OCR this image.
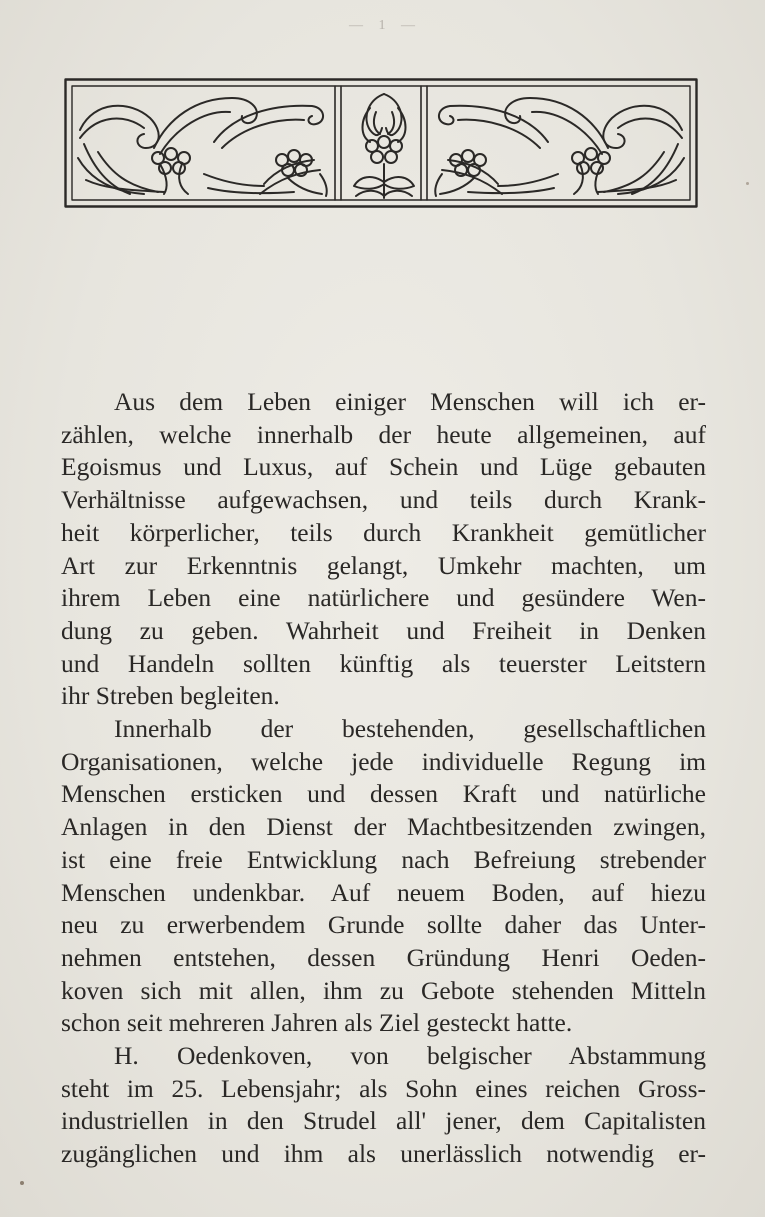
— 1 —
Aus dem Leben einiger Menschen will ich er-
zählen, welche innerhalb der heute allgemeinen, auf
Egoismus und Luxus, auf Schein und Lüge gebauten
Verhältnisse aufgewachsen, und teils durch Krank-
heit körperlicher, teils durch Krankheit gemütlicher
Art zur Erkenntnis gelangt, Umkehr machten, um
ihrem Leben eine natürlichere und gesündere Wen-
dung zu geben. Wahrheit und Freiheit in Denken
und Handeln sollten künftig als teuerster Leitstern
ihr Streben begleiten.
Innerhalb der bestehenden, gesellschaftlichen
Organisationen, welche jede individuelle Regung im
Menschen ersticken und dessen Kraft und natürliche
Anlagen in den Dienst der Machtbesitzenden zwingen,
ist eine freie Entwicklung nach Befreiung strebender
Menschen undenkbar. Auf neuem Boden, auf hiezu
neu zu erwerbendem Grunde sollte daher das Unter-
nehmen entstehen, dessen Gründung Henri Oeden-
koven sich mit allen, ihm zu Gebote stehenden Mitteln
schon seit mehreren Jahren als Ziel gesteckt hatte.
H. Oedenkoven, von belgischer Abstammung
steht im 25. Lebensjahr; als Sohn eines reichen Gross-
industriellen in den Strudel all' jener, dem Capitalisten
zugänglichen und ihm als unerlässlich notwendig er-
